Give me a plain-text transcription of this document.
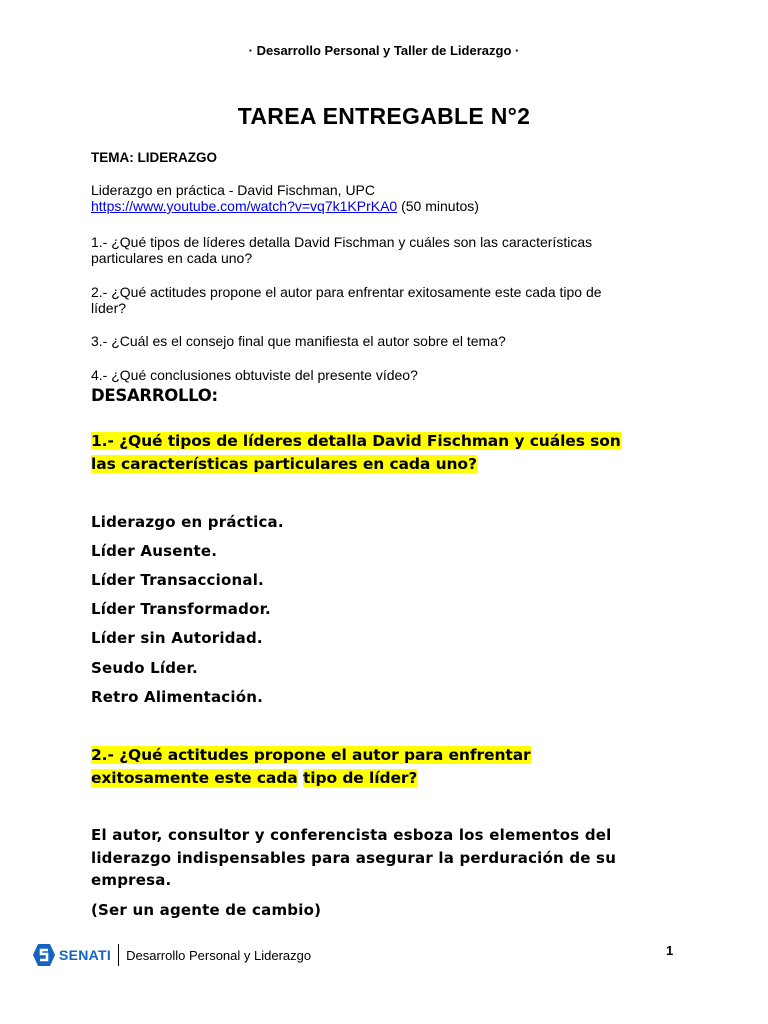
· Desarrollo Personal y Taller de Liderazgo ·
TAREA ENTREGABLE N°2
TEMA: LIDERAZGO
Liderazgo en práctica - David Fischman, UPC
https://www.youtube.com/watch?v=vq7k1KPrKA0 (50 minutos)
1.- ¿Qué tipos de líderes detalla David Fischman y cuáles son las características
particulares en cada uno?
2.- ¿Qué actitudes propone el autor para enfrentar exitosamente este cada tipo de
líder?
3.- ¿Cuál es el consejo final que manifiesta el autor sobre el tema?
4.- ¿Qué conclusiones obtuviste del presente vídeo?
DESARROLLO:
1.- ¿Qué tipos de líderes detalla David Fischman y cuáles son
las características particulares en cada uno?
Liderazgo en práctica.
Líder Ausente.
Líder Transaccional.
Líder Transformador.
Líder sin Autoridad.
Seudo Líder.
Retro Alimentación.
2.- ¿Qué actitudes propone el autor para enfrentar
exitosamente este cada tipo de líder?
El autor, consultor y conferencista esboza los elementos del
liderazgo indispensables para asegurar la perduración de su
empresa.
(Ser un agente de cambio)
SENATI Desarrollo Personal y Liderazgo	1
